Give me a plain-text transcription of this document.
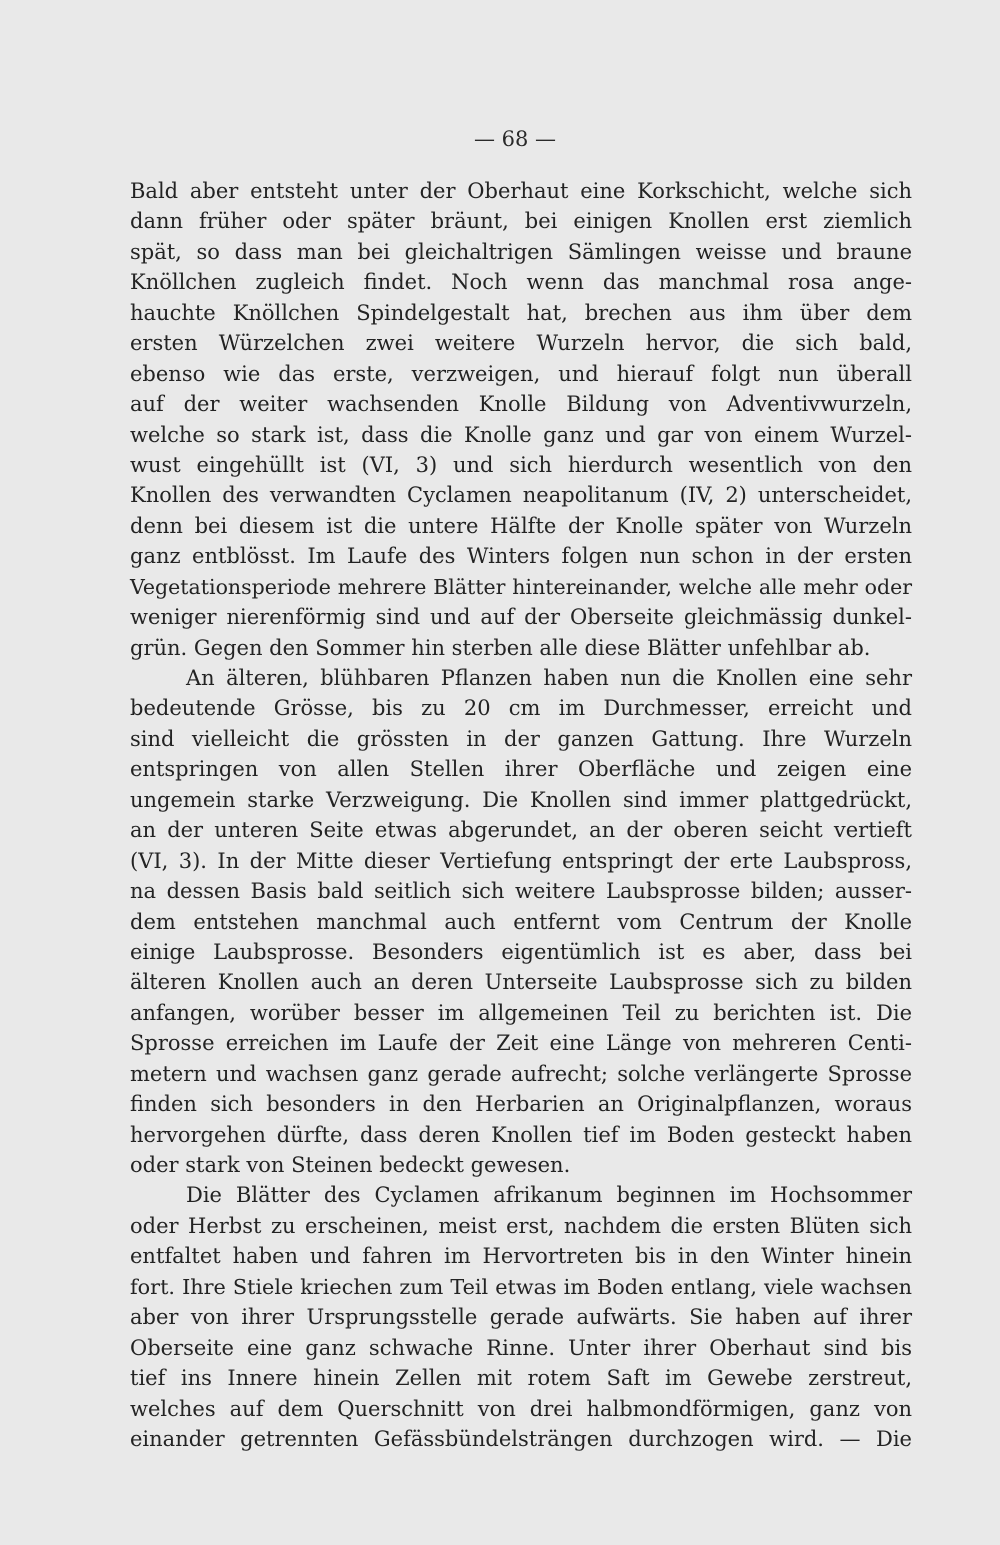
— 68 —
Bald aber entsteht unter der Oberhaut eine Korkschicht, welche sich
dann früher oder später bräunt, bei einigen Knollen erst ziemlich
spät, so dass man bei gleichaltrigen Sämlingen weisse und braune
Knöllchen zugleich findet. Noch wenn das manchmal rosa ange-
hauchte Knöllchen Spindelgestalt hat, brechen aus ihm über dem
ersten Würzelchen zwei weitere Wurzeln hervor, die sich bald,
ebenso wie das erste, verzweigen, und hierauf folgt nun überall
auf der weiter wachsenden Knolle Bildung von Adventivwurzeln,
welche so stark ist, dass die Knolle ganz und gar von einem Wurzel-
wust eingehüllt ist (VI, 3) und sich hierdurch wesentlich von den
Knollen des verwandten Cyclamen neapolitanum (IV, 2) unterscheidet,
denn bei diesem ist die untere Hälfte der Knolle später von Wurzeln
ganz entblösst. Im Laufe des Winters folgen nun schon in der ersten
Vegetationsperiode mehrere Blätter hintereinander, welche alle mehr oder
weniger nierenförmig sind und auf der Oberseite gleichmässig dunkel-
grün. Gegen den Sommer hin sterben alle diese Blätter unfehlbar ab.
An älteren, blühbaren Pflanzen haben nun die Knollen eine sehr
bedeutende Grösse, bis zu 20 cm im Durchmesser, erreicht und
sind vielleicht die grössten in der ganzen Gattung. Ihre Wurzeln
entspringen von allen Stellen ihrer Oberfläche und zeigen eine
ungemein starke Verzweigung. Die Knollen sind immer plattgedrückt,
an der unteren Seite etwas abgerundet, an der oberen seicht vertieft
(VI, 3). In der Mitte dieser Vertiefung entspringt der erte Laubspross,
na dessen Basis bald seitlich sich weitere Laubsprosse bilden; ausser-
dem entstehen manchmal auch entfernt vom Centrum der Knolle
einige Laubsprosse. Besonders eigentümlich ist es aber, dass bei
älteren Knollen auch an deren Unterseite Laubsprosse sich zu bilden
anfangen, worüber besser im allgemeinen Teil zu berichten ist. Die
Sprosse erreichen im Laufe der Zeit eine Länge von mehreren Centi-
metern und wachsen ganz gerade aufrecht; solche verlängerte Sprosse
finden sich besonders in den Herbarien an Originalpflanzen, woraus
hervorgehen dürfte, dass deren Knollen tief im Boden gesteckt haben
oder stark von Steinen bedeckt gewesen.
Die Blätter des Cyclamen afrikanum beginnen im Hochsommer
oder Herbst zu erscheinen, meist erst, nachdem die ersten Blüten sich
entfaltet haben und fahren im Hervortreten bis in den Winter hinein
fort. Ihre Stiele kriechen zum Teil etwas im Boden entlang, viele wachsen
aber von ihrer Ursprungsstelle gerade aufwärts. Sie haben auf ihrer
Oberseite eine ganz schwache Rinne. Unter ihrer Oberhaut sind bis
tief ins Innere hinein Zellen mit rotem Saft im Gewebe zerstreut,
welches auf dem Querschnitt von drei halbmondförmigen, ganz von
einander getrennten Gefässbündelsträngen durchzogen wird. — Die
